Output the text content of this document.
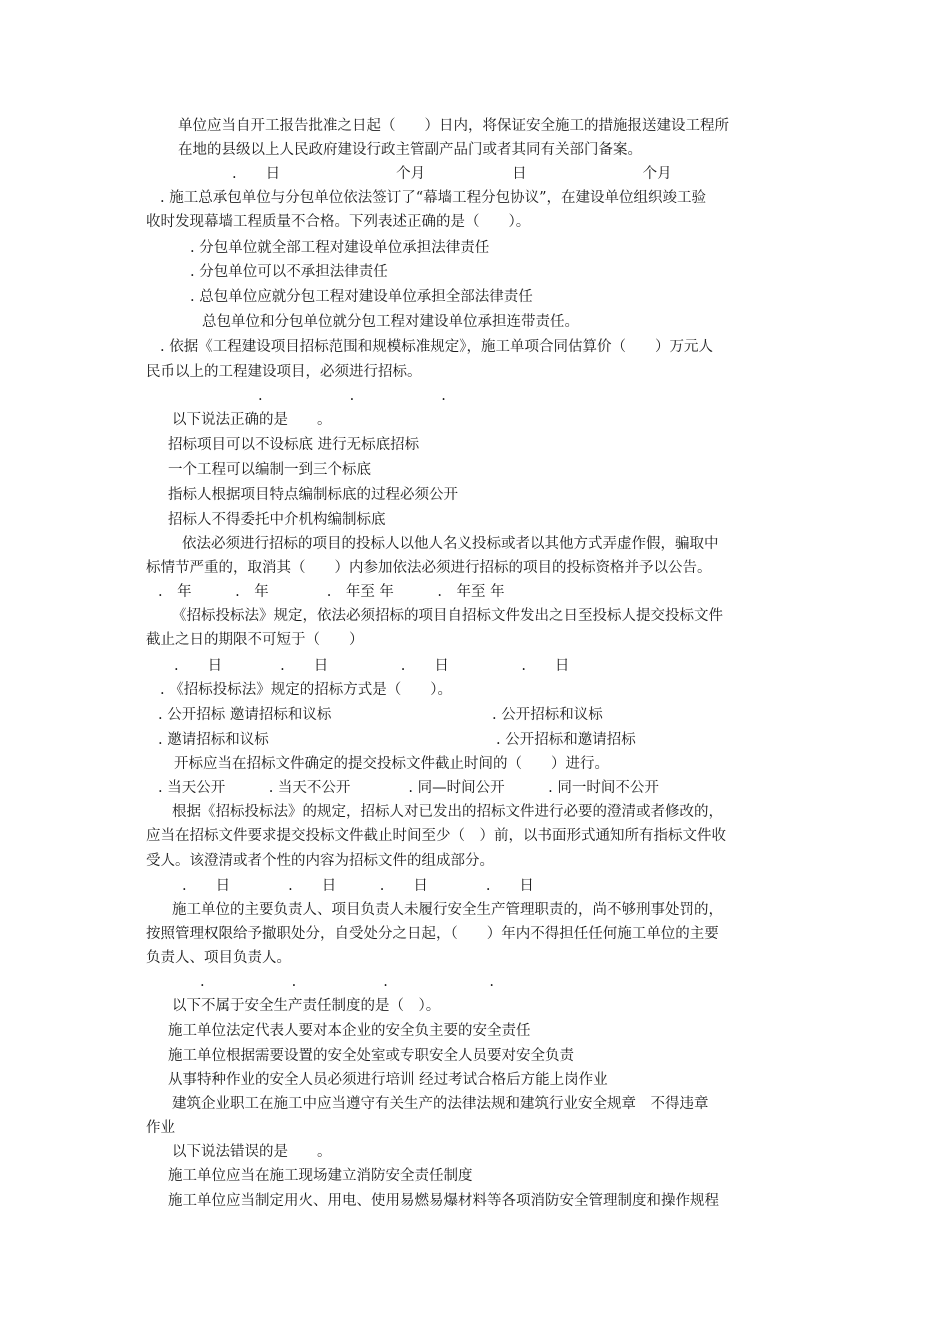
单位应当自开工报告批准之日起（　　）日内，将保证安全施工的措施报送建设工程所
在地的县级以上人民政府建设行政主管副产品门或者其同有关部门备案。
.　　日　　　　　　　　个月　　　　　　日　　　　　　　　个月
. 施工总承包单位与分包单位依法签订了“幕墙工程分包协议”，在建设单位组织竣工验
收时发现幕墙工程质量不合格。下列表述正确的是（　　）。
. 分包单位就全部工程对建设单位承担法律责任
. 分包单位可以不承担法律责任
. 总包单位应就分包工程对建设单位承担全部法律责任
总包单位和分包单位就分包工程对建设单位承担连带责任。
. 依据《工程建设项目招标范围和规模标准规定》，施工单项合同估算价（　　）万元人
民币以上的工程建设项目，必须进行招标。
.　　　　　　.　　　　　　.
以下说法正确的是　　。
招标项目可以不设标底 进行无标底招标
一个工程可以编制一到三个标底
指标人根据项目特点编制标底的过程必须公开
招标人不得委托中介机构编制标底
依法必须进行招标的项目的投标人以他人名义投标或者以其他方式弄虚作假，骗取中
标情节严重的，取消其（　　）内参加依法必须进行招标的项目的投标资格并予以公告。
.　年　　　.　年　　　　.　年至 年　　　.　年至 年
《招标投标法》规定，依法必须招标的项目自招标文件发出之日至投标人提交投标文件
截止之日的期限不可短于（　　）
.　　日　　　　.　　日　　　　　.　　日　　　　　.　　日
. 《招标投标法》规定的招标方式是（　　）。
. 公开招标 邀请招标和议标	. 公开招标和议标
. 邀请招标和议标	. 公开招标和邀请招标
开标应当在招标文件确定的提交投标文件截止时间的（　　）进行。
. 当天公开　　　. 当天不公开　　　　. 同—时间公开　　　. 同一时间不公开
根据《招标投标法》的规定，招标人对已发出的招标文件进行必要的澄清或者修改的，
应当在招标文件要求提交投标文件截止时间至少（　）前，以书面形式通知所有指标文件收
受人。该澄清或者个性的内容为招标文件的组成部分。
.　　日　　　　.　　日　　　.　　日　　　　.　　日
施工单位的主要负责人、项目负责人未履行安全生产管理职责的，尚不够刑事处罚的，
按照管理权限给予撤职处分，自受处分之日起，（　　）年内不得担任任何施工单位的主要
负责人、项目负责人。
.　　　　　　.　　　　　　.　　　　　　　.
以下不属于安全生产责任制度的是（　）。
施工单位法定代表人要对本企业的安全负主要的安全责任
施工单位根据需要设置的安全处室或专职安全人员要对安全负责
从事特种作业的安全人员必须进行培训 经过考试合格后方能上岗作业
建筑企业职工在施工中应当遵守有关生产的法律法规和建筑行业安全规章　不得违章
作业
以下说法错误的是　　。
施工单位应当在施工现场建立消防安全责任制度
施工单位应当制定用火、用电、使用易燃易爆材料等各项消防安全管理制度和操作规程
